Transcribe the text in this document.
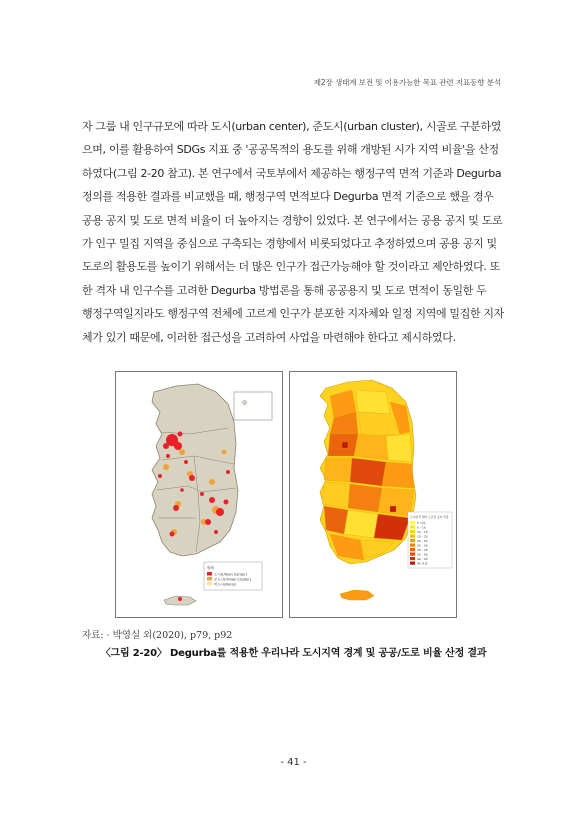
제2장 생태계 보전 및 이용가능한 목표 관련 지표동향 분석
자 그룹 내 인구규모에 따라 도시(urban center), 준도시(urban cluster), 시골로 구분하였
으며, 이를 활용하여 SDGs 지표 중 '공공목적의 용도를 위해 개방된 시가 지역 비율'을 산정
하였다(그림 2-20 참고). 본 연구에서 국토부에서 제공하는 행정구역 면적 기준과 Degurba
정의를 적용한 결과를 비교했을 때, 행정구역 면적보다 Degurba 면적 기준으로 했을 경우
공용 공지 및 도로 면적 비율이 더 높아지는 경향이 있었다. 본 연구에서는 공용 공지 및 도로
가 인구 밀집 지역을 중심으로 구축되는 경향에서 비롯되었다고 추정하였으며 공용 공지 및
도로의 활용도를 높이기 위해서는 더 많은 인구가 접근가능해야 할 것이라고 제안하였다. 또
한 격자 내 인구수를 고려한 Degurba 방법론을 통해 공공용지 및 도로 면적이 동일한 두
행정구역일지라도 행정구역 전체에 고르게 인구가 분포한 지자체와 일정 지역에 밀집한 지자
체가 있기 때문에, 이러한 접근성을 고려하여 사업을 마련해야 한다고 제시하였다.
범례
도시(Urban Center)
준도시(Urban Cluster)
비도시(Rural)
도시면적 대비 도로및 공지 비율
5 이하
5 - 10
10 - 15
15 - 20
20 - 25
25 - 30
30 - 35
35 - 40
40 - 45
45 초과
자료: · 박영실 외(2020), p79, p92
〈그림 2-20〉 Degurba를 적용한 우리나라 도시지역 경계 및 공공/도로 비율 산정 결과
- 41 -
